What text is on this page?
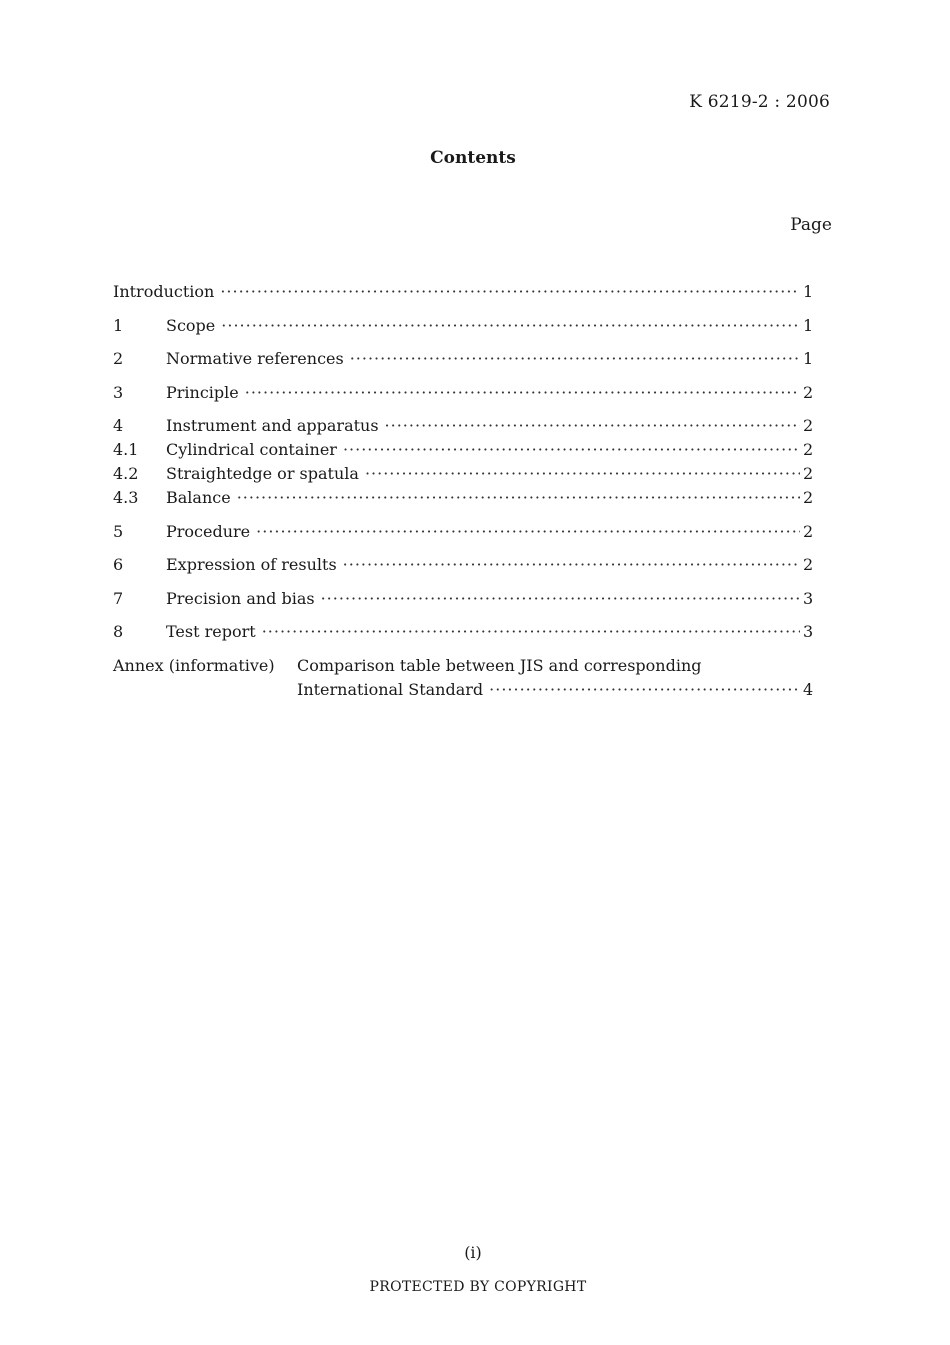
K 6219-2 : 2006
Contents
Page
Introduction ·····	1
1	Scope ·····	1
2	Normative references ·····	1
3	Principle ·····	2
4	Instrument and apparatus ·····	2
4.1	Cylindrical container ·····	2
4.2	Straightedge or spatula ·····	2
4.3	Balance ·····	2
5	Procedure ·····	2
6	Expression of results ·····	2
7	Precision and bias ·····	3
8	Test report ·····	3
Annex (informative)	Comparison table between JIS and corresponding
International Standard ·····	4
(i)
PROTECTED BY COPYRIGHT
